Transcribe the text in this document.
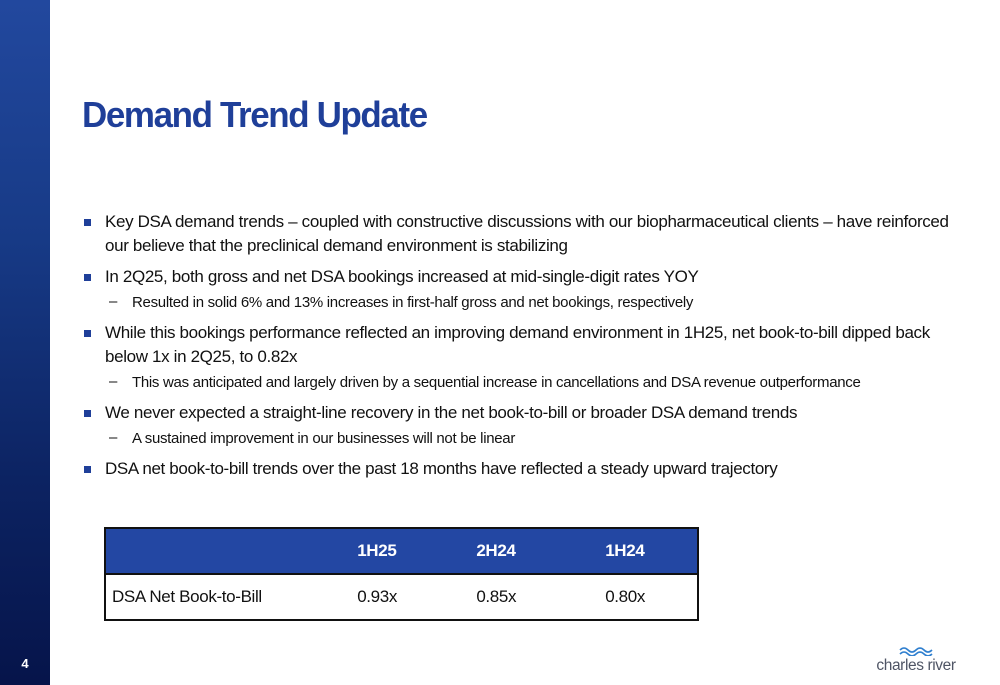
4
Demand Trend Update
Key DSA demand trends – coupled with constructive discussions with our biopharmaceutical clients – have reinforced our believe that the preclinical demand environment is stabilizing
In 2Q25, both gross and net DSA bookings increased at mid-single-digit rates YOY
– Resulted in solid 6% and 13% increases in first-half gross and net bookings, respectively
While this bookings performance reflected an improving demand environment in 1H25, net book-to-bill dipped back below 1x in 2Q25, to 0.82x
– This was anticipated and largely driven by a sequential increase in cancellations and DSA revenue outperformance
We never expected a straight-line recovery in the net book-to-bill or broader DSA demand trends
– A sustained improvement in our businesses will not be linear
DSA net book-to-bill trends over the past 18 months have reflected a steady upward trajectory
	1H25	2H24	1H24
DSA Net Book-to-Bill	0.93x	0.85x	0.80x
charles river
